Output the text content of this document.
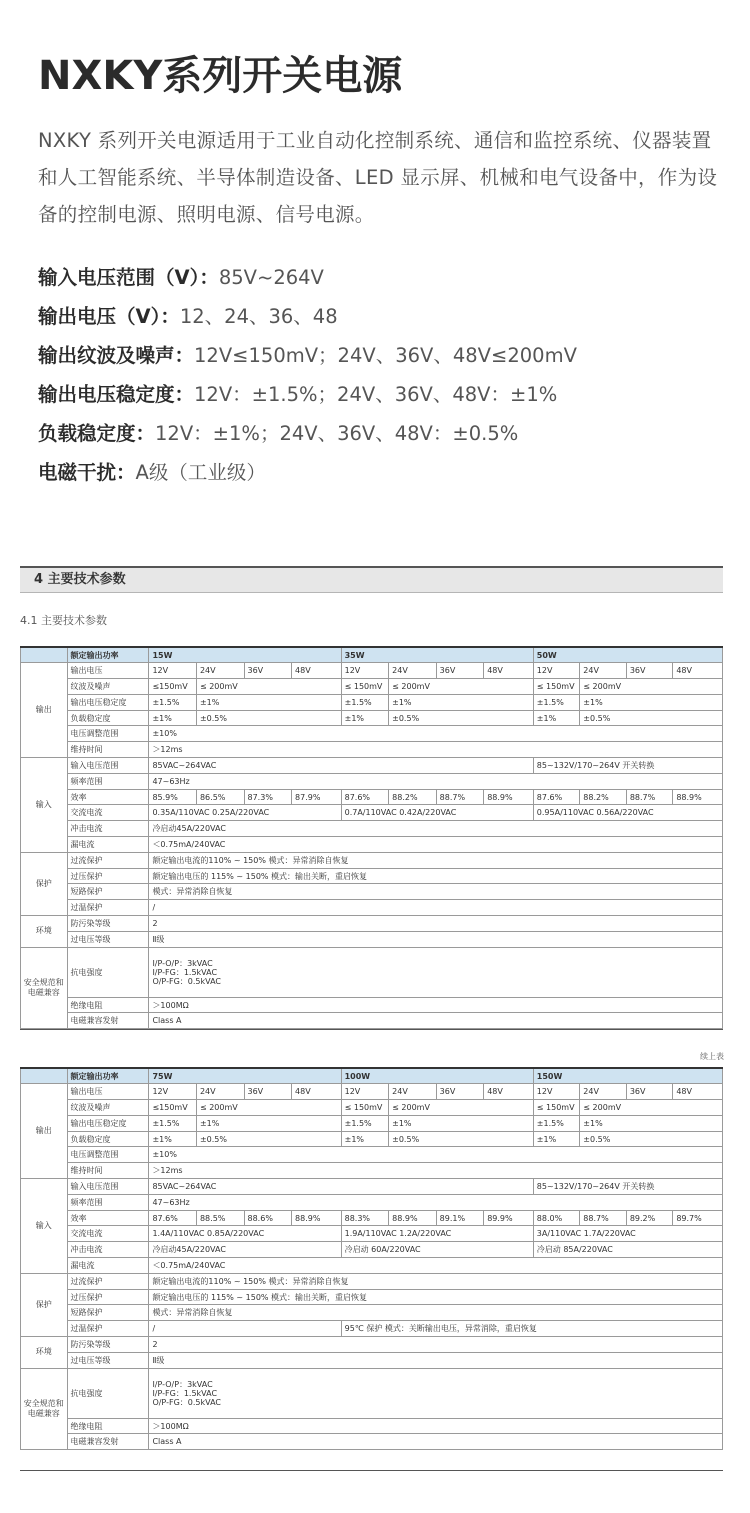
NXKY系列开关电源
NXKY 系列开关电源适用于工业自动化控制系统、通信和监控系统、仪器装置和人工智能系统、半导体制造设备、LED 显示屏、机械和电气设备中，作为设备的控制电源、照明电源、信号电源。
输入电压范围（V）：85V~264V
输出电压（V）：12、24、36、48
输出纹波及噪声：12V≤150mV；24V、36V、48V≤200mV
输出电压稳定度：12V：±1.5%；24V、36V、48V：±1%
负载稳定度：12V：±1%；24V、36V、48V：±0.5%
电磁干扰：A级（工业级）
4 主要技术参数
4.1 主要技术参数
续上表
	额定输出功率	15W				35W				50W			
输出	输出电压	12V	24V	36V	48V	12V	24V	36V	48V	12V	24V	36V	48V
	纹波及噪声	≤150mV	≤ 200mV			≤ 150mV	≤ 200mV			≤ 150mV	≤ 200mV		
	输出电压稳定度	±1.5%	±1%			±1.5%	±1%			±1.5%	±1%		
	负载稳定度	±1%	±0.5%			±1%	±0.5%			±1%	±0.5%		
	电压调整范围	±10%											
	维持时间	＞12ms											
输入	输入电压范围	85VAC~264VAC								85~132V/170~264V 开关转换			
	频率范围	47~63Hz											
	效率	85.9%	86.5%	87.3%	87.9%	87.6%	88.2%	88.7%	88.9%	87.6%	88.2%	88.7%	88.9%
	交流电流	0.35A/110VAC 0.25A/220VAC				0.7A/110VAC 0.42A/220VAC				0.95A/110VAC 0.56A/220VAC			
	冲击电流	冷启动45A/220VAC											
	漏电流	＜0.75mA/240VAC											
保护	过流保护	额定输出电流的110% ~ 150% 模式：异常消除自恢复											
	过压保护	额定输出电压的 115% ~ 150% 模式：输出关断，重启恢复											
	短路保护	模式：异常消除自恢复											
	过温保护	/											
环境	防污染等级	2											
	过电压等级	Ⅱ级											
安全规范和电磁兼容	抗电强度	I/P-O/P：3kVAC
I/P-FG：1.5kVAC
O/P-FG：0.5kVAC											
	绝缘电阻	＞100MΩ											
	电磁兼容发射	Class A											
	额定输出功率	75W				100W				150W			
输出	输出电压	12V	24V	36V	48V	12V	24V	36V	48V	12V	24V	36V	48V
	纹波及噪声	≤150mV	≤ 200mV			≤ 150mV	≤ 200mV			≤ 150mV	≤ 200mV		
	输出电压稳定度	±1.5%	±1%			±1.5%	±1%			±1.5%	±1%		
	负载稳定度	±1%	±0.5%			±1%	±0.5%			±1%	±0.5%		
	电压调整范围	±10%											
	维持时间	＞12ms											
输入	输入电压范围	85VAC~264VAC								85~132V/170~264V 开关转换			
	频率范围	47~63Hz											
	效率	87.6%	88.5%	88.6%	88.9%	88.3%	88.9%	89.1%	89.9%	88.0%	88.7%	89.2%	89.7%
	交流电流	1.4A/110VAC 0.85A/220VAC				1.9A/110VAC 1.2A/220VAC				3A/110VAC 1.7A/220VAC			
	冲击电流	冷启动45A/220VAC				冷启动 60A/220VAC				冷启动 85A/220VAC			
	漏电流	＜0.75mA/240VAC											
保护	过流保护	额定输出电流的110% ~ 150% 模式：异常消除自恢复											
	过压保护	额定输出电压的 115% ~ 150% 模式：输出关断，重启恢复											
	短路保护	模式：异常消除自恢复											
	过温保护	/				95℃ 保护 模式：关断输出电压，异常消除，重启恢复							
环境	防污染等级	2											
	过电压等级	Ⅱ级											
安全规范和电磁兼容	抗电强度	I/P-O/P：3kVAC
I/P-FG：1.5kVAC
O/P-FG：0.5kVAC											
	绝缘电阻	＞100MΩ											
	电磁兼容发射	Class A											
